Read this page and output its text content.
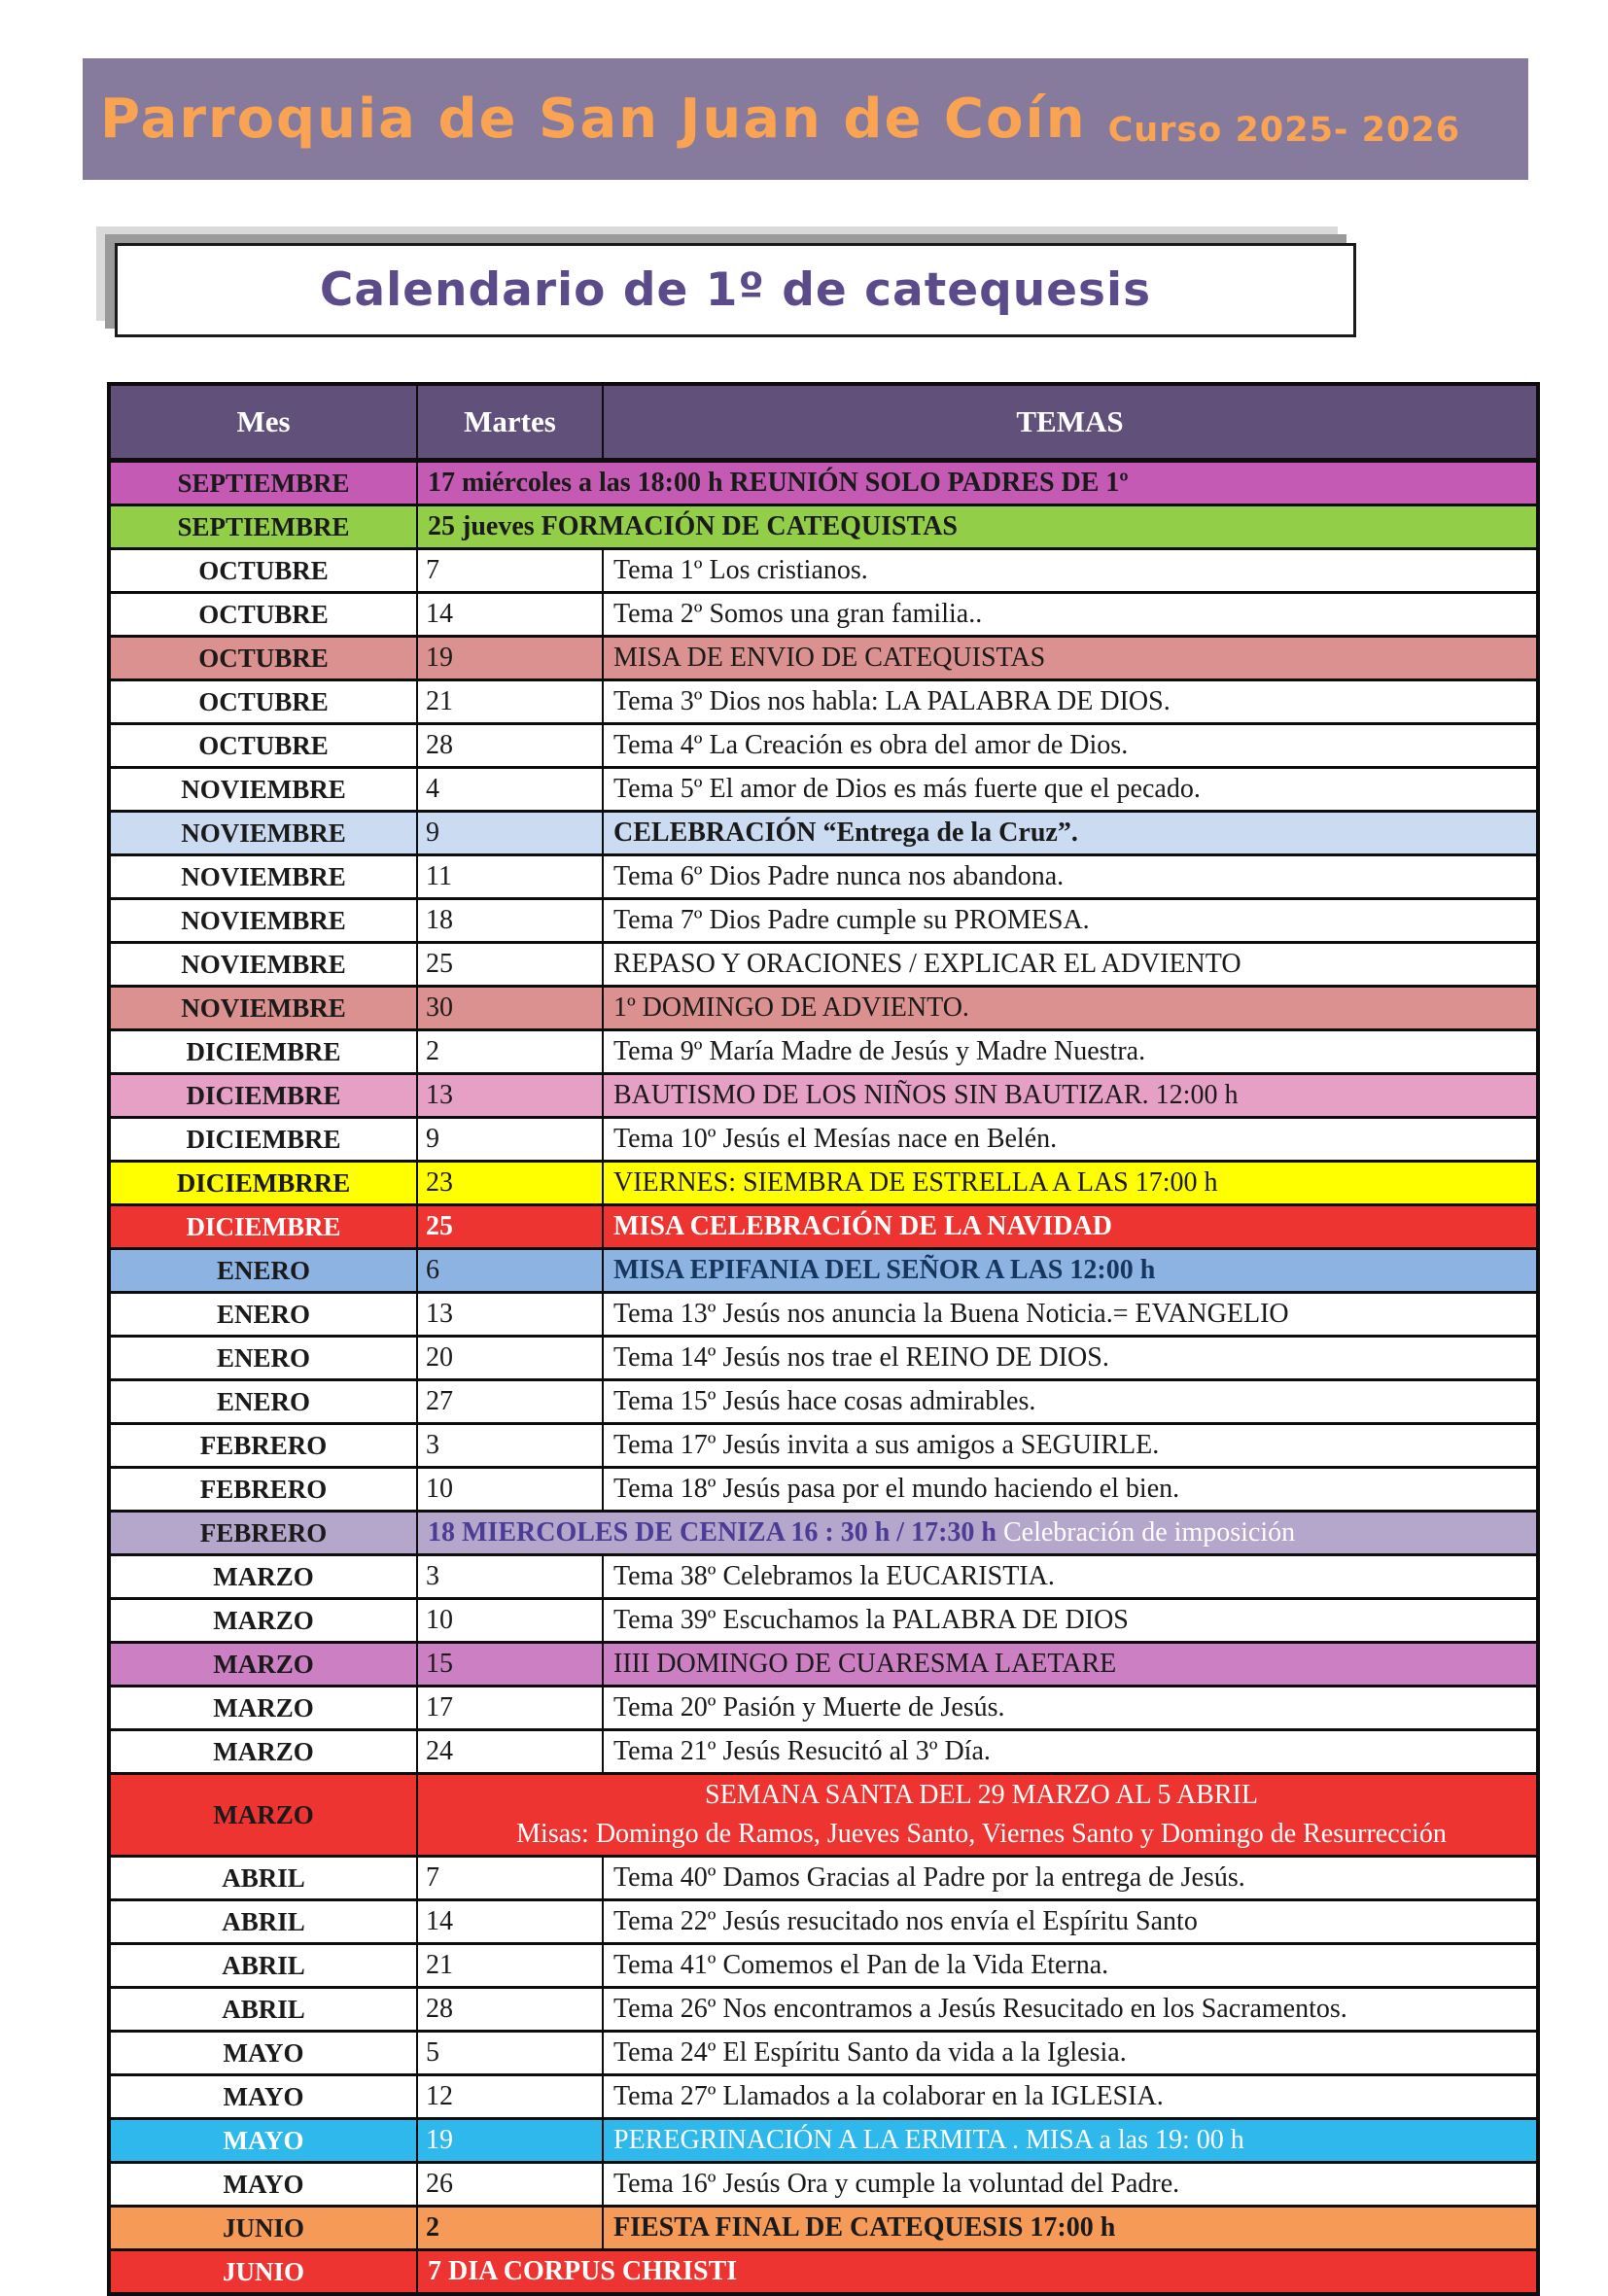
Parroquia de San Juan de Coín Curso 2025- 2026
Calendario de 1º de catequesis
Mes	Martes	TEMAS
SEPTIEMBRE	17 miércoles a las 18:00 h REUNIÓN SOLO PADRES DE 1º	
SEPTIEMBRE	25 jueves FORMACIÓN DE CATEQUISTAS	
OCTUBRE	7	Tema 1º Los cristianos.
OCTUBRE	14	Tema 2º Somos una gran familia..
OCTUBRE	19	MISA DE ENVIO DE CATEQUISTAS
OCTUBRE	21	Tema 3º Dios nos habla: LA PALABRA DE DIOS.
OCTUBRE	28	Tema 4º La Creación es obra del amor de Dios.
NOVIEMBRE	4	Tema 5º El amor de Dios es más fuerte que el pecado.
NOVIEMBRE	9	CELEBRACIÓN “Entrega de la Cruz”.
NOVIEMBRE	11	Tema 6º Dios Padre nunca nos abandona.
NOVIEMBRE	18	Tema 7º Dios Padre cumple su PROMESA.
NOVIEMBRE	25	REPASO Y ORACIONES / EXPLICAR EL ADVIENTO
NOVIEMBRE	30	1º DOMINGO DE ADVIENTO.
DICIEMBRE	2	Tema 9º María Madre de Jesús y Madre Nuestra.
DICIEMBRE	13	BAUTISMO DE LOS NIÑOS SIN BAUTIZAR. 12:00 h
DICIEMBRE	9	Tema 10º Jesús el Mesías nace en Belén.
DICIEMBRRE	23	VIERNES: SIEMBRA DE ESTRELLA A LAS 17:00 h
DICIEMBRE	25	MISA CELEBRACIÓN DE LA NAVIDAD
ENERO	6	MISA EPIFANIA DEL SEÑOR A LAS 12:00 h
ENERO	13	Tema 13º Jesús nos anuncia la Buena Noticia.= EVANGELIO
ENERO	20	Tema 14º Jesús nos trae el REINO DE DIOS.
ENERO	27	Tema 15º Jesús hace cosas admirables.
FEBRERO	3	Tema 17º Jesús invita a sus amigos a SEGUIRLE.
FEBRERO	10	Tema 18º Jesús pasa por el mundo haciendo el bien.
FEBRERO	18 MIERCOLES DE CENIZA 16 : 30 h / 17:30 h Celebración de imposición	
MARZO	3	Tema 38º Celebramos la EUCARISTIA.
MARZO	10	Tema 39º Escuchamos la PALABRA DE DIOS
MARZO	15	IIII DOMINGO DE CUARESMA LAETARE
MARZO	17	Tema 20º Pasión y Muerte de Jesús.
MARZO	24	Tema 21º Jesús Resucitó al 3º Día.
MARZO	SEMANA SANTA DEL 29 MARZO AL 5 ABRIL
Misas: Domingo de Ramos, Jueves Santo, Viernes Santo y Domingo de Resurrección	

ABRIL	7	Tema 40º Damos Gracias al Padre por la entrega de Jesús.
ABRIL	14	Tema 22º Jesús resucitado nos envía el Espíritu Santo
ABRIL	21	Tema 41º Comemos el Pan de la Vida Eterna.
ABRIL	28	Tema 26º Nos encontramos a Jesús Resucitado en los Sacramentos.
MAYO	5	Tema 24º El Espíritu Santo da vida a la Iglesia.
MAYO	12	Tema 27º Llamados a la colaborar en la IGLESIA.
MAYO	19	PEREGRINACIÓN A LA ERMITA . MISA a las 19: 00 h
MAYO	26	Tema 16º Jesús Ora y cumple la voluntad del Padre.
JUNIO	2	FIESTA FINAL DE CATEQUESIS 17:00 h
JUNIO	7 DIA CORPUS CHRISTI	
